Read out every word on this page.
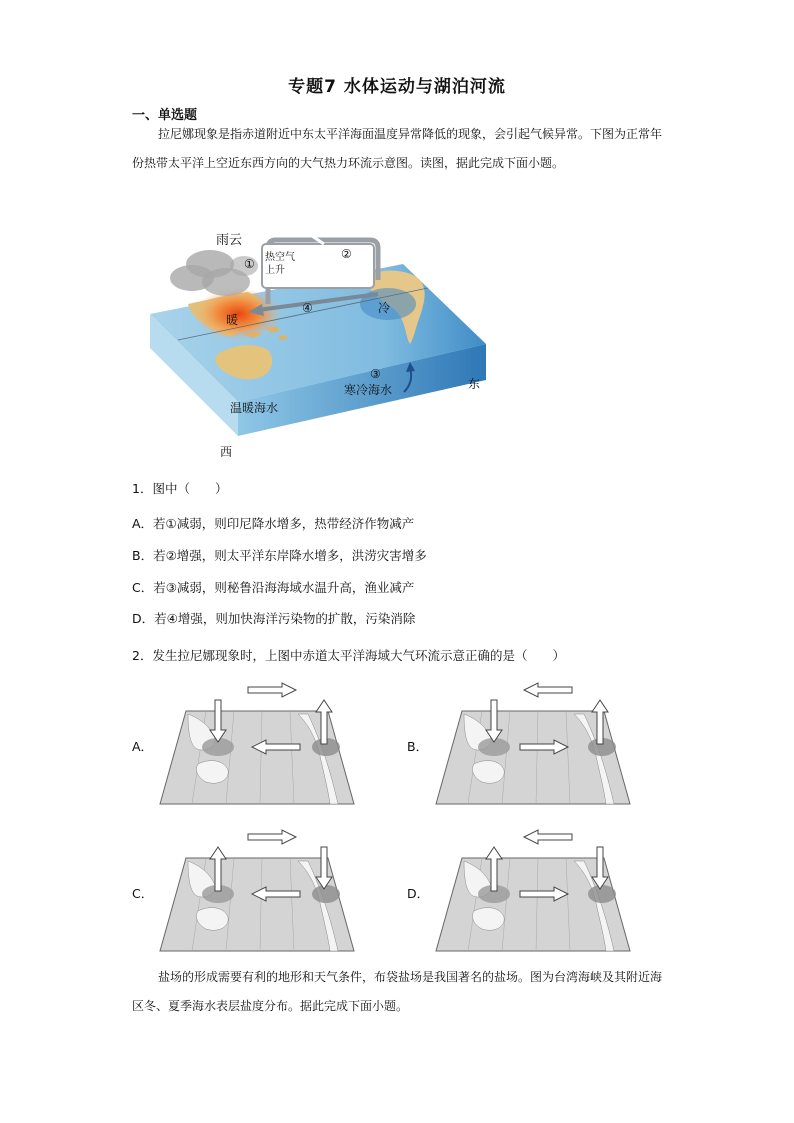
专题7 水体运动与湖泊河流
一、单选题
拉尼娜现象是指赤道附近中东太平洋海面温度异常降低的现象，会引起气候异常。下图为正常年份热带太平洋上空近东西方向的大气热力环流示意图。读图，据此完成下面小题。
雨云
①
②
热空气
上升
④
暖
冷
③
寒冷海水	东
温暖海水
西
1．图中（　　）
A．若①减弱，则印尼降水增多，热带经济作物减产
B．若②增强，则太平洋东岸降水增多，洪涝灾害增多
C．若③减弱，则秘鲁沿海海域水温升高，渔业减产
D．若④增强，则加快海洋污染物的扩散，污染消除
2．发生拉尼娜现象时，上图中赤道太平洋海域大气环流示意正确的是（　　）
A．	B．
C．	D．
盐场的形成需要有利的地形和天气条件，布袋盐场是我国著名的盐场。图为台湾海峡及其附近海区冬、夏季海水表层盐度分布。据此完成下面小题。
